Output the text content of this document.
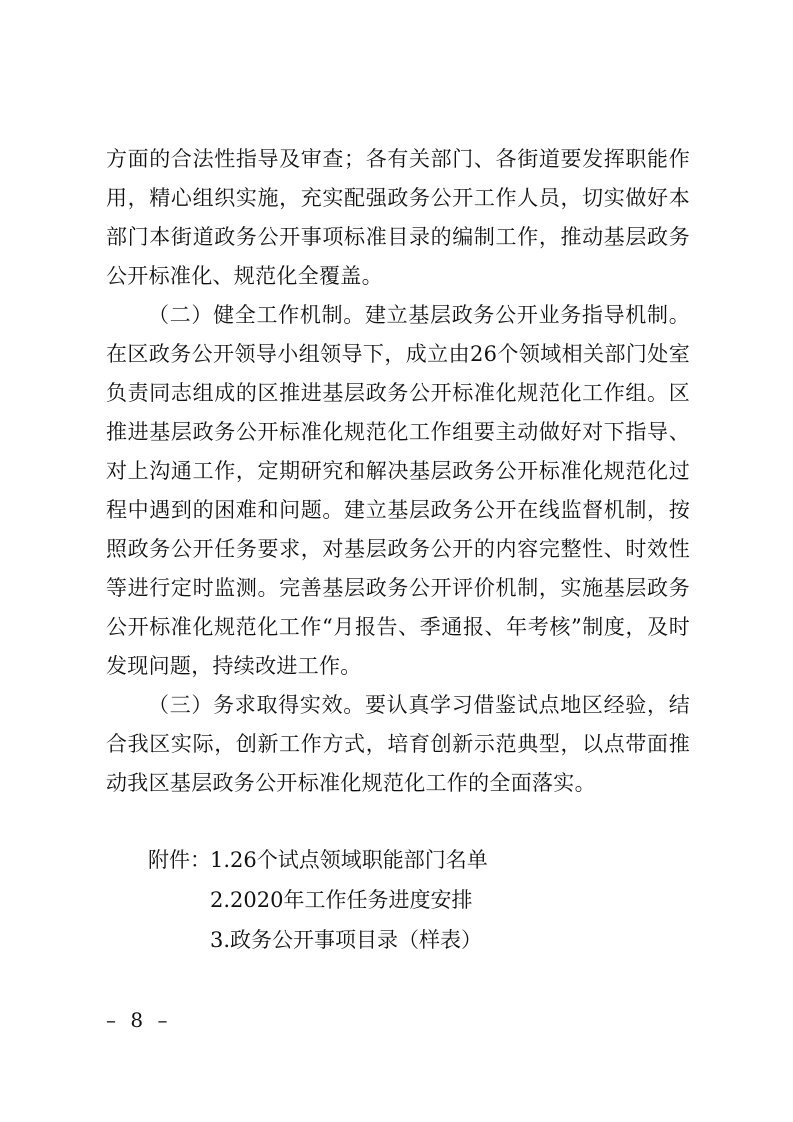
方面的合法性指导及审查；各有关部门、各街道要发挥职能作用，精心组织实施，充实配强政务公开工作人员，切实做好本部门本街道政务公开事项标准目录的编制工作，推动基层政务公开标准化、规范化全覆盖。

（二）健全工作机制。建立基层政务公开业务指导机制。在区政务公开领导小组领导下，成立由26个领域相关部门处室负责同志组成的区推进基层政务公开标准化规范化工作组。区推进基层政务公开标准化规范化工作组要主动做好对下指导、对上沟通工作，定期研究和解决基层政务公开标准化规范化过程中遇到的困难和问题。建立基层政务公开在线监督机制，按照政务公开任务要求，对基层政务公开的内容完整性、时效性等进行定时监测。完善基层政务公开评价机制，实施基层政务公开标准化规范化工作“月报告、季通报、年考核”制度，及时发现问题，持续改进工作。

（三）务求取得实效。要认真学习借鉴试点地区经验，结合我区实际，创新工作方式，培育创新示范典型，以点带面推动我区基层政务公开标准化规范化工作的全面落实。

附件： 1.26个试点领域职能部门名单
2.2020年工作任务进度安排
3.政务公开事项目录（样表）
– 8 –
